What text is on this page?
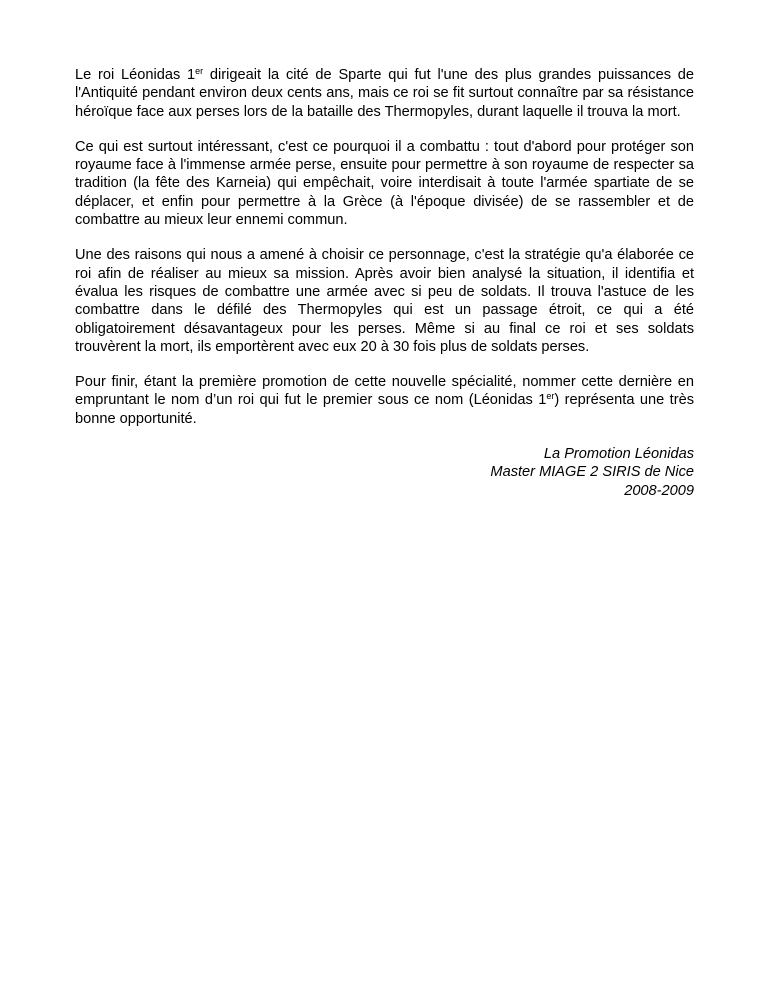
Le roi Léonidas 1er dirigeait la cité de Sparte qui fut l'une des plus grandes puissances de l'Antiquité pendant environ deux cents ans, mais ce roi se fit surtout connaître par sa résistance héroïque face aux perses lors de la bataille des Thermopyles, durant laquelle il trouva la mort.

Ce qui est surtout intéressant, c'est ce pourquoi il a combattu : tout d'abord pour protéger son royaume face à l'immense armée perse, ensuite pour permettre à son royaume de respecter sa tradition (la fête des Karneia) qui empêchait, voire interdisait à toute l'armée spartiate de se déplacer, et enfin pour permettre à la Grèce (à l'époque divisée) de se rassembler et de combattre au mieux leur ennemi commun.

Une des raisons qui nous a amené à choisir ce personnage, c'est la stratégie qu'a élaborée ce roi afin de réaliser au mieux sa mission. Après avoir bien analysé la situation, il identifia et évalua les risques de combattre une armée avec si peu de soldats. Il trouva l'astuce de les combattre dans le défilé des Thermopyles qui est un passage étroit, ce qui a été obligatoirement désavantageux pour les perses. Même si au final ce roi et ses soldats trouvèrent la mort, ils emportèrent avec eux 20 à 30 fois plus de soldats perses.

Pour finir, étant la première promotion de cette nouvelle spécialité, nommer cette dernière en empruntant le nom d’un roi qui fut le premier sous ce nom (Léonidas 1er) représenta une très bonne opportunité.

La Promotion Léonidas
Master MIAGE 2 SIRIS de Nice
2008-2009
